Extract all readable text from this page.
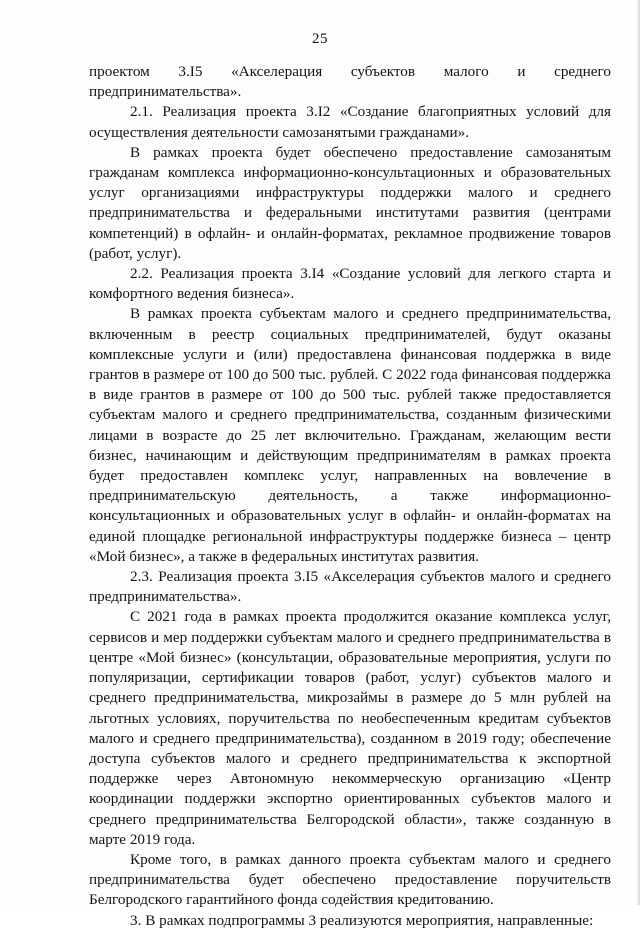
25

проектом 3.I5 «Акселерация субъектов малого и среднего предпринимательства».

2.1. Реализация проекта 3.I2 «Создание благоприятных условий для осуществления деятельности самозанятыми гражданами».

В рамках проекта будет обеспечено предоставление самозанятым гражданам комплекса информационно-консультационных и образовательных услуг организациями инфраструктуры поддержки малого и среднего предпринимательства и федеральными институтами развития (центрами компетенций) в офлайн- и онлайн-форматах, рекламное продвижение товаров (работ, услуг).

2.2. Реализация проекта 3.I4 «Создание условий для легкого старта и комфортного ведения бизнеса».

В рамках проекта субъектам малого и среднего предпринимательства, включенным в реестр социальных предпринимателей, будут оказаны комплексные услуги и (или) предоставлена финансовая поддержка в виде грантов в размере от 100 до 500 тыс. рублей. С 2022 года финансовая поддержка в виде грантов в размере от 100 до 500 тыс. рублей также предоставляется субъектам малого и среднего предпринимательства, созданным физическими лицами в возрасте до 25 лет включительно. Гражданам, желающим вести бизнес, начинающим и действующим предпринимателям в рамках проекта будет предоставлен комплекс услуг, направленных на вовлечение в предпринимательскую деятельность, а также информационно-консультационных и образовательных услуг в офлайн- и онлайн-форматах на единой площадке региональной инфраструктуры поддержке бизнеса – центр «Мой бизнес», а также в федеральных институтах развития.

2.3. Реализация проекта 3.I5 «Акселерация субъектов малого и среднего предпринимательства».

С 2021 года в рамках проекта продолжится оказание комплекса услуг, сервисов и мер поддержки субъектам малого и среднего предпринимательства в центре «Мой бизнес» (консультации, образовательные мероприятия, услуги по популяризации, сертификации товаров (работ, услуг) субъектов малого и среднего предпринимательства, микрозаймы в размере до 5 млн рублей на льготных условиях, поручительства по необеспеченным кредитам субъектов малого и среднего предпринимательства), созданном в 2019 году; обеспечение доступа субъектов малого и среднего предпринимательства к экспортной поддержке через Автономную некоммерческую организацию «Центр координации поддержки экспортно ориентированных субъектов малого и среднего предпринимательства Белгородской области», также созданную в марте 2019 года.

Кроме того, в рамках данного проекта субъектам малого и среднего предпринимательства будет обеспечено предоставление поручительств Белгородского гарантийного фонда содействия кредитованию.

3. В рамках подпрограммы 3 реализуются мероприятия, направленные:
